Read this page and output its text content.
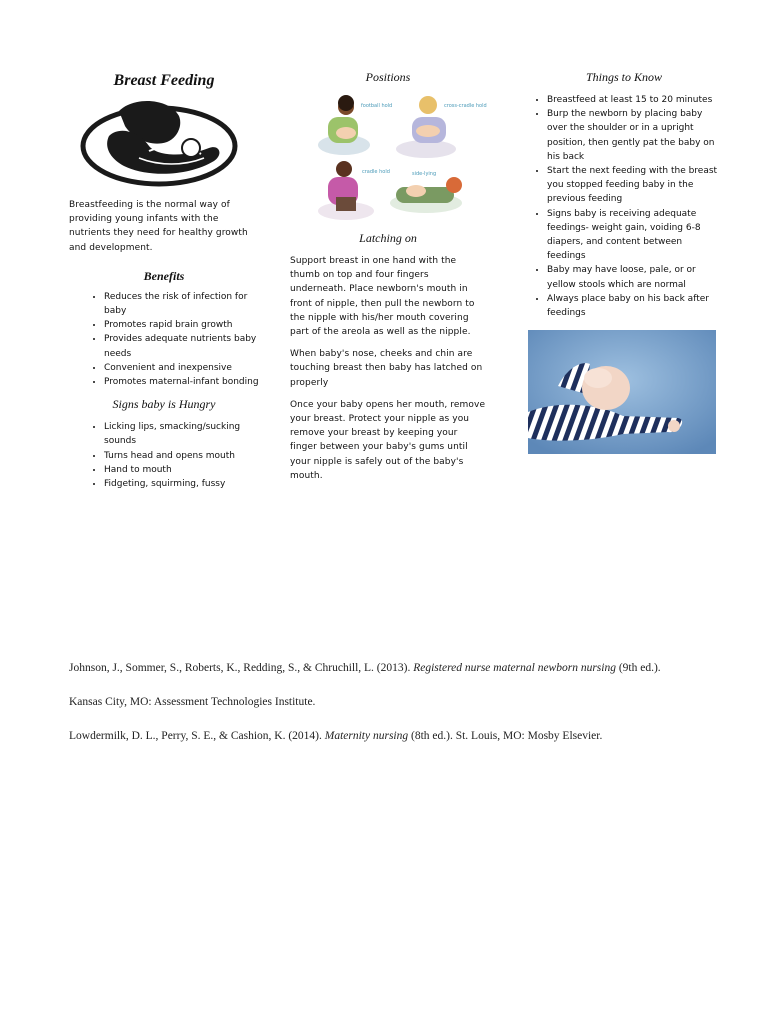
Breast Feeding

Breastfeeding is the normal way of providing young infants with the nutrients they need for healthy growth and development.

Benefits
• Reduces the risk of infection for baby
• Promotes rapid brain growth
• Provides adequate nutrients baby needs
• Convenient and inexpensive
• Promotes maternal-infant bonding
Signs baby is Hungry
• Licking lips, smacking/sucking sounds
• Turns head and opens mouth
• Hand to mouth
• Fidgeting, squirming, fussy
Positions
football hold	cross-cradle hold
cradle hold	side-lying
Latching on

Support breast in one hand with the thumb on top and four fingers underneath. Place newborn's mouth in front of nipple, then pull the newborn to the nipple with his/her mouth covering part of the areola as well as the nipple.

When baby's nose, cheeks and chin are touching breast then baby has latched on properly

Once your baby opens her mouth, remove your breast. Protect your nipple as you remove your breast by keeping your finger between your baby's gums until your nipple is safely out of the baby's mouth.

Things to Know
• Breastfeed at least 15 to 20 minutes
• Burp the newborn by placing baby over the shoulder or in a upright position, then gently pat the baby on his back
• Start the next feeding with the breast you stopped feeding baby in the previous feeding
• Signs baby is receiving adequate feedings- weight gain, voiding 6-8 diapers, and content between feedings
• Baby may have loose, pale, or or yellow stools which are normal
• Always place baby on his back after feedings

Johnson, J., Sommer, S., Roberts, K., Redding, S., & Chruchill, L. (2013). Registered nurse maternal newborn nursing (9th ed.).

Kansas City, MO: Assessment Technologies Institute.

Lowdermilk, D. L., Perry, S. E., & Cashion, K. (2014). Maternity nursing (8th ed.). St. Louis, MO: Mosby Elsevier.
